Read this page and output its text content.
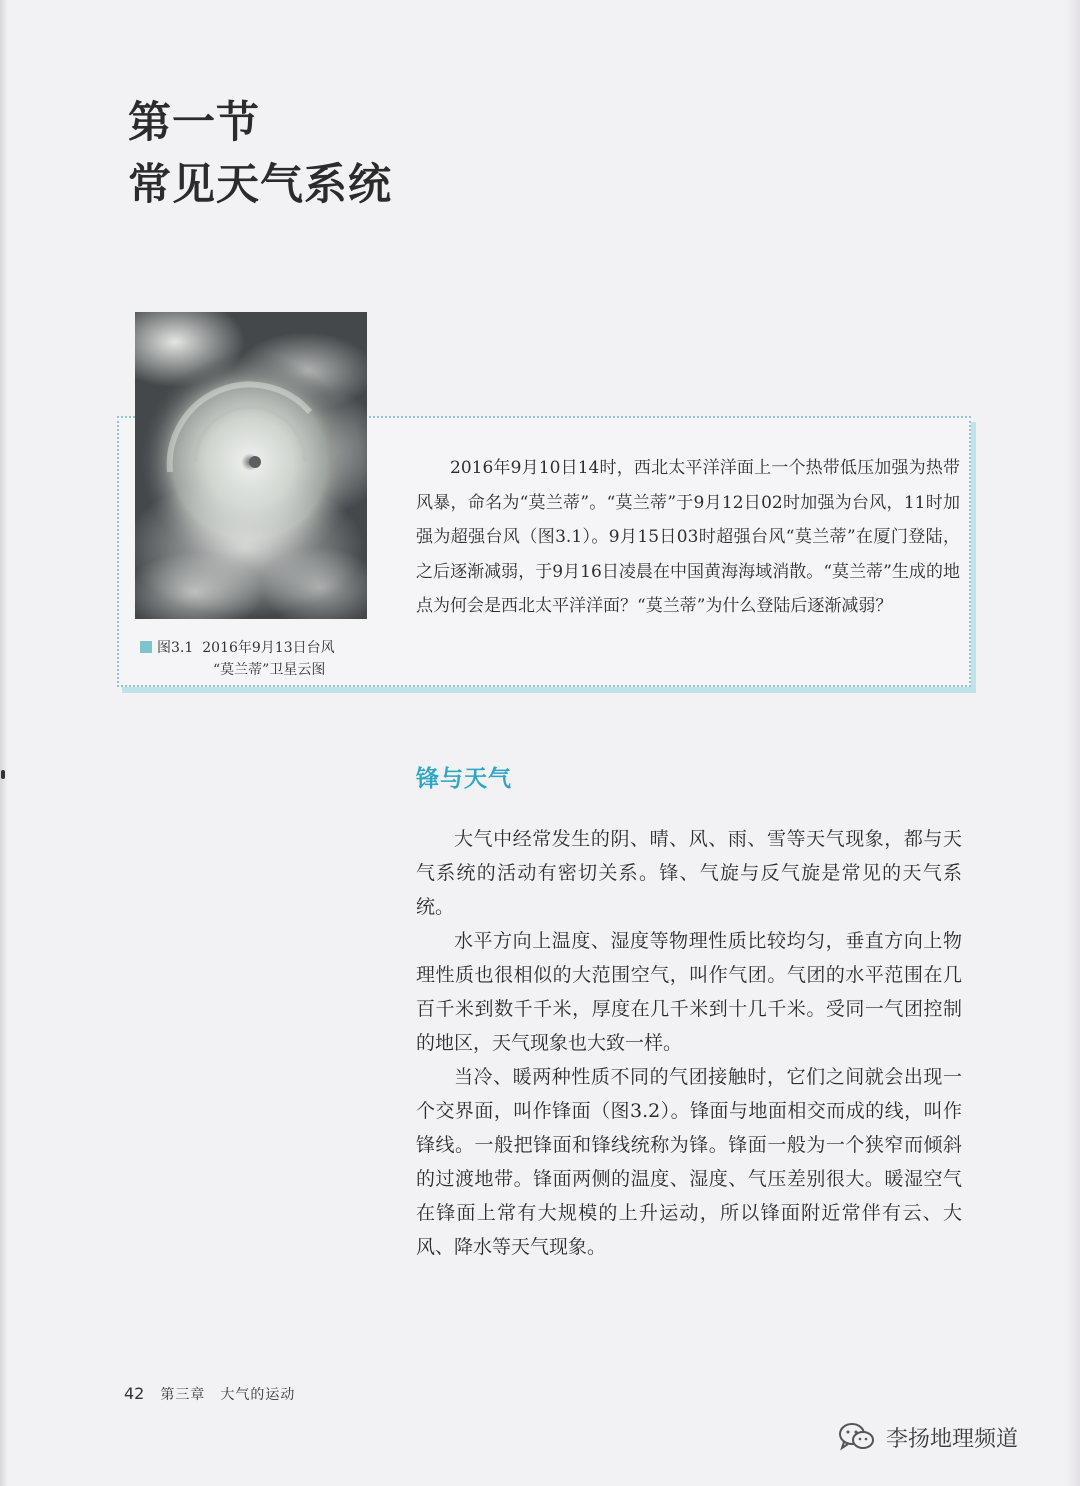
第一节
常见天气系统
图3.1 2016年9月13日台风
“莫兰蒂”卫星云图

2016年9月10日14时，西北太平洋洋面上一个热带低压加强为热带风暴，命名为“莫兰蒂”。“莫兰蒂”于9月12日02时加强为台风，11时加强为超强台风（图3.1）。9月15日03时超强台风“莫兰蒂”在厦门登陆，之后逐渐减弱，于9月16日凌晨在中国黄海海域消散。“莫兰蒂”生成的地点为何会是西北太平洋洋面？“莫兰蒂”为什么登陆后逐渐减弱？

锋与天气

大气中经常发生的阴、晴、风、雨、雪等天气现象，都与天气系统的活动有密切关系。锋、气旋与反气旋是常见的天气系统。

水平方向上温度、湿度等物理性质比较均匀，垂直方向上物理性质也很相似的大范围空气，叫作气团。气团的水平范围在几百千米到数千千米，厚度在几千米到十几千米。受同一气团控制的地区，天气现象也大致一样。

当冷、暖两种性质不同的气团接触时，它们之间就会出现一个交界面，叫作锋面（图3.2）。锋面与地面相交而成的线，叫作锋线。一般把锋面和锋线统称为锋。锋面一般为一个狭窄而倾斜的过渡地带。锋面两侧的温度、湿度、气压差别很大。暖湿空气在锋面上常有大规模的上升运动，所以锋面附近常伴有云、大风、降水等天气现象。

42 第三章　大气的运动
李扬地理频道
